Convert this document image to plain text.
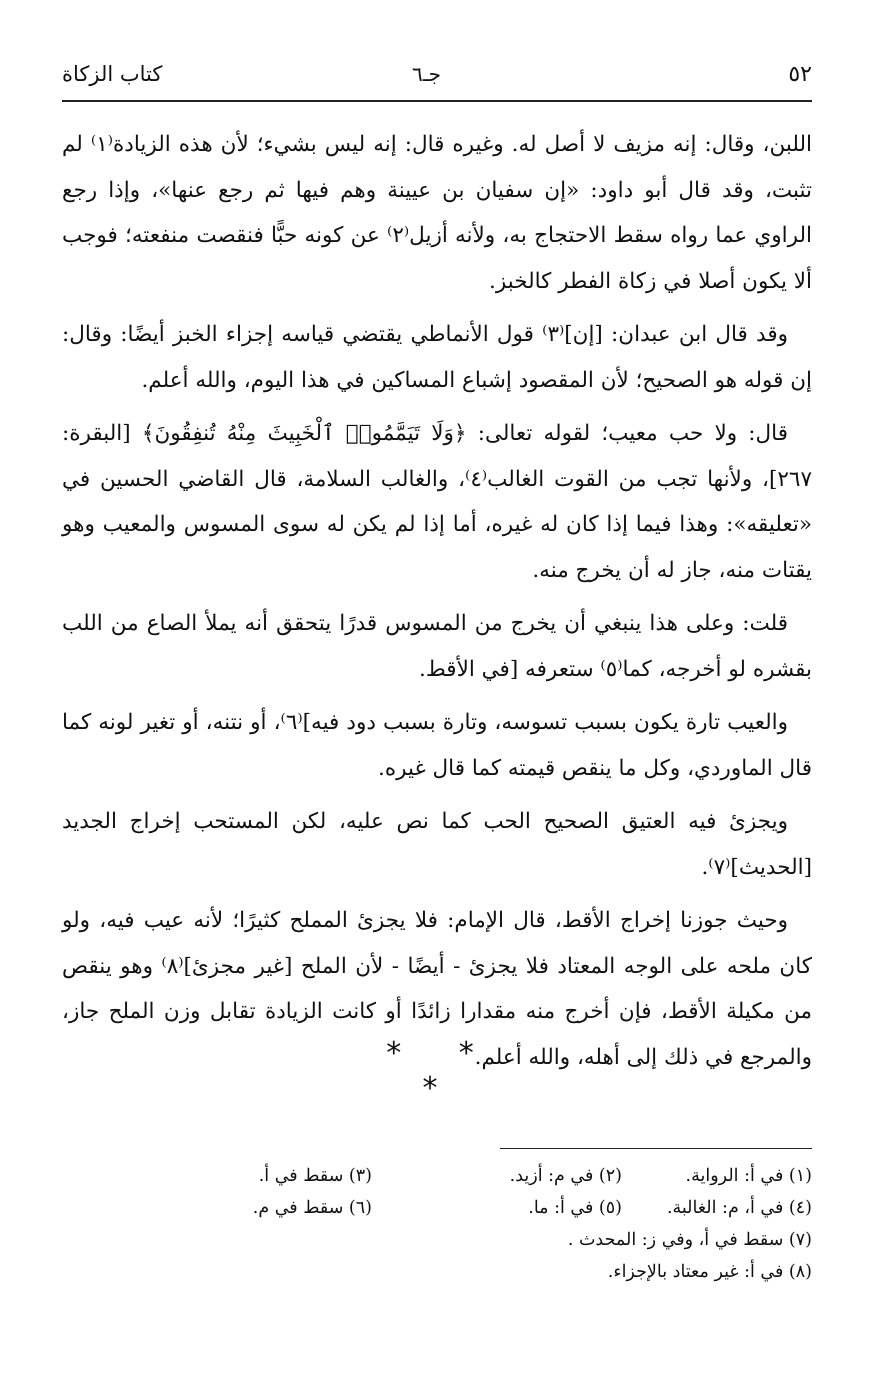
٥٢
جـ٦
كتاب الزكاة

اللبن، وقال: إنه مزيف لا أصل له. وغيره قال: إنه ليس بشيء؛ لأن هذه الزيادة⁽١⁾ لم تثبت، وقد قال أبو داود: «إن سفيان بن عيينة وهم فيها ثم رجع عنها»، وإذا رجع الراوي عما رواه سقط الاحتجاج به، ولأنه أزيل⁽٢⁾ عن كونه حبًّا فنقصت منفعته؛ فوجب ألا يكون أصلا في زكاة الفطر كالخبز.

وقد قال ابن عبدان: [إن]⁽٣⁾ قول الأنماطي يقتضي قياسه إجزاء الخبز أيضًا: وقال: إن قوله هو الصحيح؛ لأن المقصود إشباع المساكين في هذا اليوم، والله أعلم.

قال: ولا حب معيب؛ لقوله تعالى: ﴿وَلَا تَيَمَّمُوا۟ ٱلْخَبِيثَ مِنْهُ تُنفِقُونَ﴾ [البقرة: ٢٦٧]، ولأنها تجب من القوت الغالب⁽٤⁾، والغالب السلامة، قال القاضي الحسين في «تعليقه»: وهذا فيما إذا كان له غيره، أما إذا لم يكن له سوى المسوس والمعيب وهو يقتات منه، جاز له أن يخرج منه.

قلت: وعلى هذا ينبغي أن يخرج من المسوس قدرًا يتحقق أنه يملأ الصاع من اللب بقشره لو أخرجه، كما⁽٥⁾ ستعرفه [في الأقط.

والعيب تارة يكون بسبب تسوسه، وتارة بسبب دود فيه]⁽٦⁾، أو نتنه، أو تغير لونه كما قال الماوردي، وكل ما ينقص قيمته كما قال غيره.

ويجزئ فيه العتيق الصحيح الحب كما نص عليه، لكن المستحب إخراج الجديد [الحديث]⁽٧⁾.

وحيث جوزنا إخراج الأقط، قال الإمام: فلا يجزئ المملح كثيرًا؛ لأنه عيب فيه، ولو كان ملحه على الوجه المعتاد فلا يجزئ - أيضًا - لأن الملح [غير مجزئ]⁽٨⁾ وهو ينقص من مكيلة الأقط، فإن أخرج منه مقدارا زائدًا أو كانت الزيادة تقابل وزن الملح جاز، والمرجع في ذلك إلى أهله، والله أعلم.

* * *
(١) في أ: الرواية.
(٢) في م: أزيد.
(٣) سقط في أ.
(٤) في أ، م: الغالبة.
(٥) في أ: ما.
(٦) سقط في م.
(٧) سقط في أ، وفي ز: المحدث .
(٨) في أ: غير معتاد بالإجزاء.
